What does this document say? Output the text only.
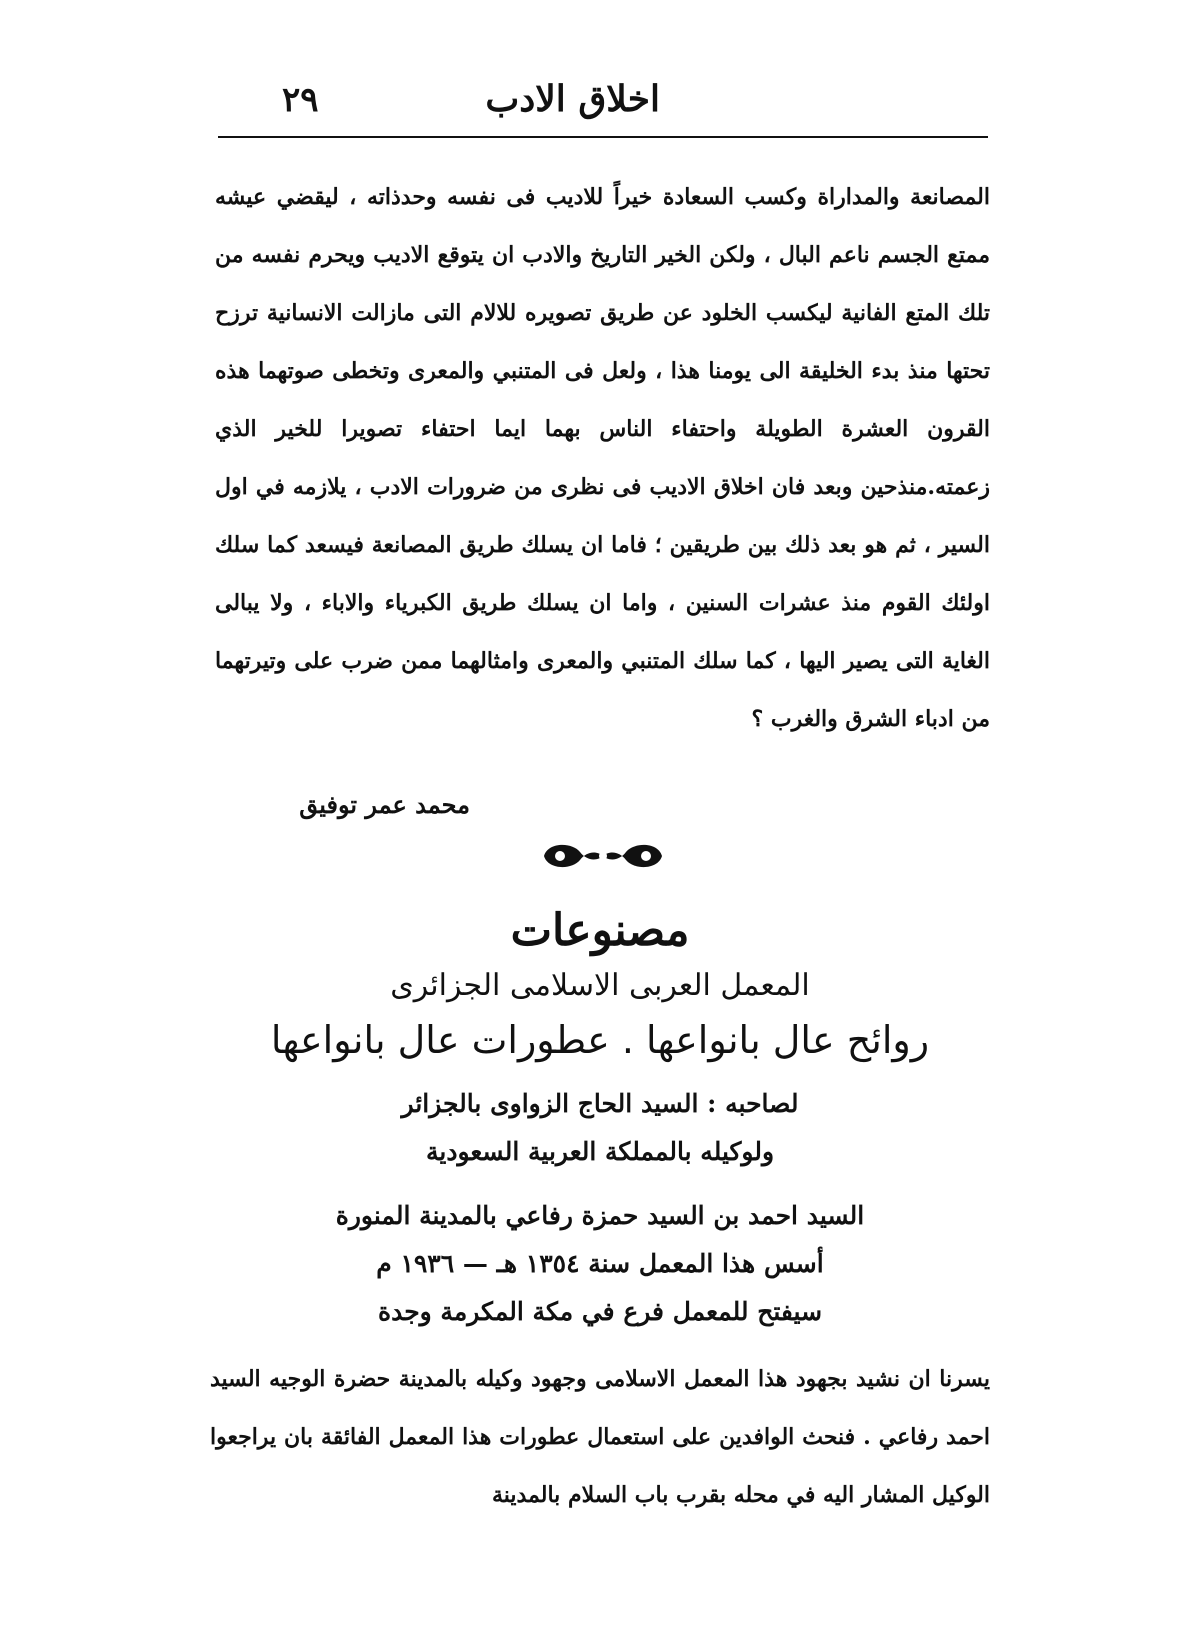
اخلاق الادب
٢٩

المصانعة والمداراة وكسب السعادة خيراً للاديب فى نفسه وحدذاته ، ليقضي عيشه ممتع الجسم ناعم البال ، ولكن الخير التاريخ والادب ان يتوقع الاديب ويحرم نفسه من تلك المتع الفانية ليكسب الخلود عن طريق تصويره للالام التى مازالت الانسانية ترزح تحتها منذ بدء الخليقة الى يومنا هذا ، ولعل فى المتنبي والمعرى وتخطى صوتهما هذه القرون العشرة الطويلة واحتفاء الناس بهما ايما احتفاء تصويرا للخير الذي زعمته.منذحين وبعد فان اخلاق الاديب فى نظرى من ضرورات الادب ، يلازمه في اول السير ، ثم هو بعد ذلك بين طريقين ؛ فاما ان يسلك طريق المصانعة فيسعد كما سلك اولئك القوم منذ عشرات السنين ، واما ان يسلك طريق الكبرياء والاباء ، ولا يبالى الغاية التى يصير اليها ، كما سلك المتنبي والمعرى وامثالهما ممن ضرب على وتيرتهما من ادباء الشرق والغرب ؟

محمد عمر توفيق

مصنوعات

المعمل العربى الاسلامى الجزائرى

روائح عال بانواعها . عطورات عال بانواعها

لصاحبه : السيد الحاج الزواوى بالجزائر
ولوكيله بالمملكة العربية السعودية
السيد احمد بن السيد حمزة رفاعي بالمدينة المنورة
أسس هذا المعمل سنة ١٣٥٤ هـ — ١٩٣٦ م
سيفتح للمعمل فرع في مكة المكرمة وجدة

يسرنا ان نشيد بجهود هذا المعمل الاسلامى وجهود وكيله بالمدينة حضرة الوجيه السيد احمد رفاعي . فنحث الوافدين على استعمال عطورات هذا المعمل الفائقة بان يراجعوا الوكيل المشار اليه في محله بقرب باب السلام بالمدينة
